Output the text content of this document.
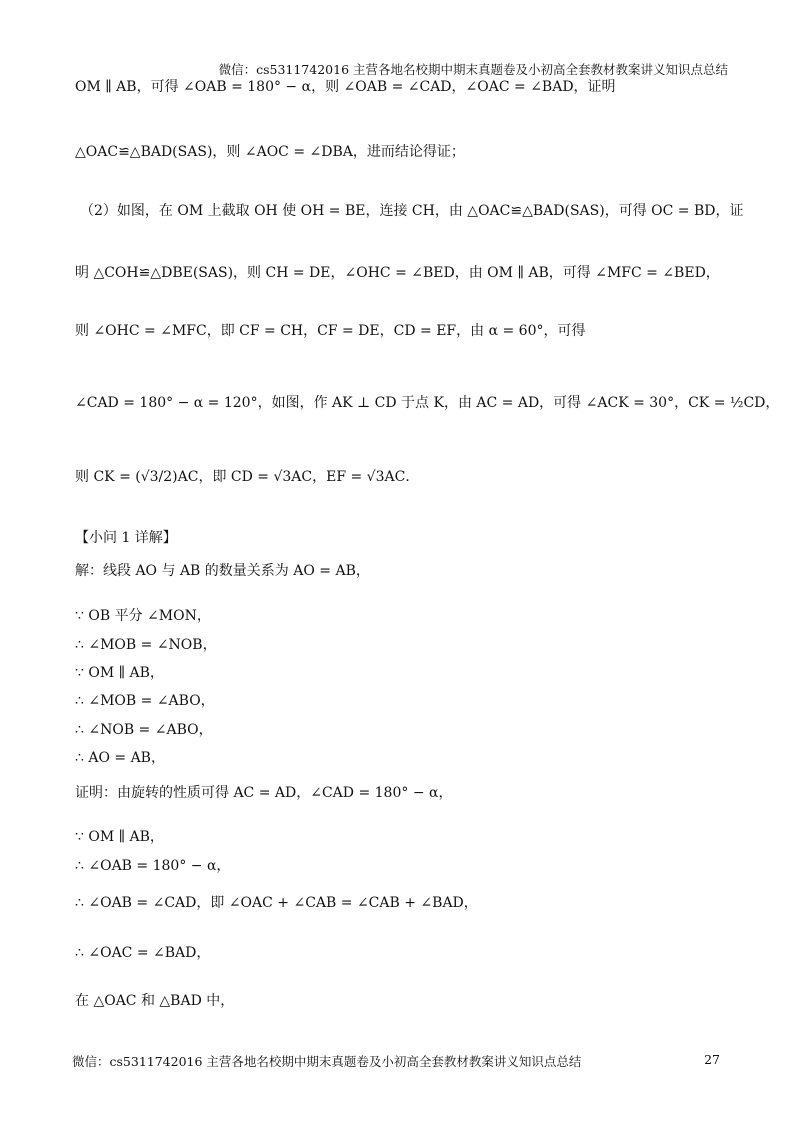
微信：cs5311742016 主营各地名校期中期末真题卷及小初高全套教材教案讲义知识点总结
OM ∥ AB，可得 ∠OAB = 180° − α，则 ∠OAB = ∠CAD，∠OAC = ∠BAD，证明
△OAC≌△BAD(SAS)，则 ∠AOC = ∠DBA，进而结论得证；
（2）如图，在 OM 上截取 OH 使 OH = BE，连接 CH，由 △OAC≌△BAD(SAS)，可得 OC = BD，证
明 △COH≌△DBE(SAS)，则 CH = DE，∠OHC = ∠BED，由 OM ∥ AB，可得 ∠MFC = ∠BED，
则 ∠OHC = ∠MFC，即 CF = CH，CF = DE，CD = EF，由 α = 60°，可得
∠CAD = 180° − α = 120°，如图，作 AK ⊥ CD 于点 K，由 AC = AD，可得 ∠ACK = 30°，CK = ½CD，
则 CK = (√3/2)AC，即 CD = √3AC，EF = √3AC．
【小问 1 详解】
解：线段 AO 与 AB 的数量关系为 AO = AB，
∵ OB 平分 ∠MON，
∴ ∠MOB = ∠NOB，
∵ OM ∥ AB，
∴ ∠MOB = ∠ABO，
∴ ∠NOB = ∠ABO，
∴ AO = AB，
证明：由旋转的性质可得 AC = AD，∠CAD = 180° − α，
∵ OM ∥ AB，
∴ ∠OAB = 180° − α，
∴ ∠OAB = ∠CAD，即 ∠OAC + ∠CAB = ∠CAB + ∠BAD，
∴ ∠OAC = ∠BAD，
在 △OAC 和 △BAD 中，
微信：cs5311742016 主营各地名校期中期末真题卷及小初高全套教材教案讲义知识点总结	27
